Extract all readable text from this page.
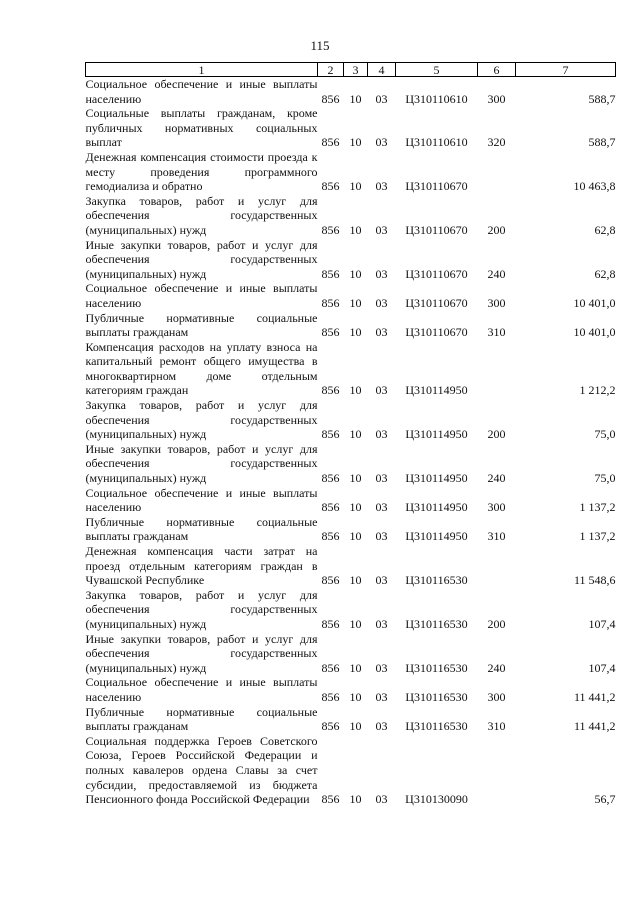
115
1	2	3	4	5	6	7
Социальное обеспечение и иные выплаты населению	856	10	03	Ц310110610	300	588,7
Социальные выплаты гражданам, кроме публичных нормативных социальных выплат	856	10	03	Ц310110610	320	588,7
Денежная компенсация стоимости проезда к месту проведения программного гемодиализа и обратно	856	10	03	Ц310110670		10 463,8
Закупка товаров, работ и услуг для обеспечения государственных (муниципальных) нужд	856	10	03	Ц310110670	200	62,8
Иные закупки товаров, работ и услуг для обеспечения государственных (муниципальных) нужд	856	10	03	Ц310110670	240	62,8
Социальное обеспечение и иные выплаты населению	856	10	03	Ц310110670	300	10 401,0
Публичные нормативные социальные выплаты гражданам	856	10	03	Ц310110670	310	10 401,0
Компенсация расходов на уплату взноса на капитальный ремонт общего имущества в многоквартирном доме отдельным категориям граждан	856	10	03	Ц310114950		1 212,2
Закупка товаров, работ и услуг для обеспечения государственных (муниципальных) нужд	856	10	03	Ц310114950	200	75,0
Иные закупки товаров, работ и услуг для обеспечения государственных (муниципальных) нужд	856	10	03	Ц310114950	240	75,0
Социальное обеспечение и иные выплаты населению	856	10	03	Ц310114950	300	1 137,2
Публичные нормативные социальные выплаты гражданам	856	10	03	Ц310114950	310	1 137,2
Денежная компенсация части затрат на проезд отдельным категориям граждан в Чувашской Республике	856	10	03	Ц310116530		11 548,6
Закупка товаров, работ и услуг для обеспечения государственных (муниципальных) нужд	856	10	03	Ц310116530	200	107,4
Иные закупки товаров, работ и услуг для обеспечения государственных (муниципальных) нужд	856	10	03	Ц310116530	240	107,4
Социальное обеспечение и иные выплаты населению	856	10	03	Ц310116530	300	11 441,2
Публичные нормативные социальные выплаты гражданам	856	10	03	Ц310116530	310	11 441,2
Социальная поддержка Героев Советского Союза, Героев Российской Федерации и полных кавалеров ордена Славы за счет субсидии, предоставляемой из бюджета Пенсионного фонда Российской Федерации	856	10	03	Ц310130090		56,7
